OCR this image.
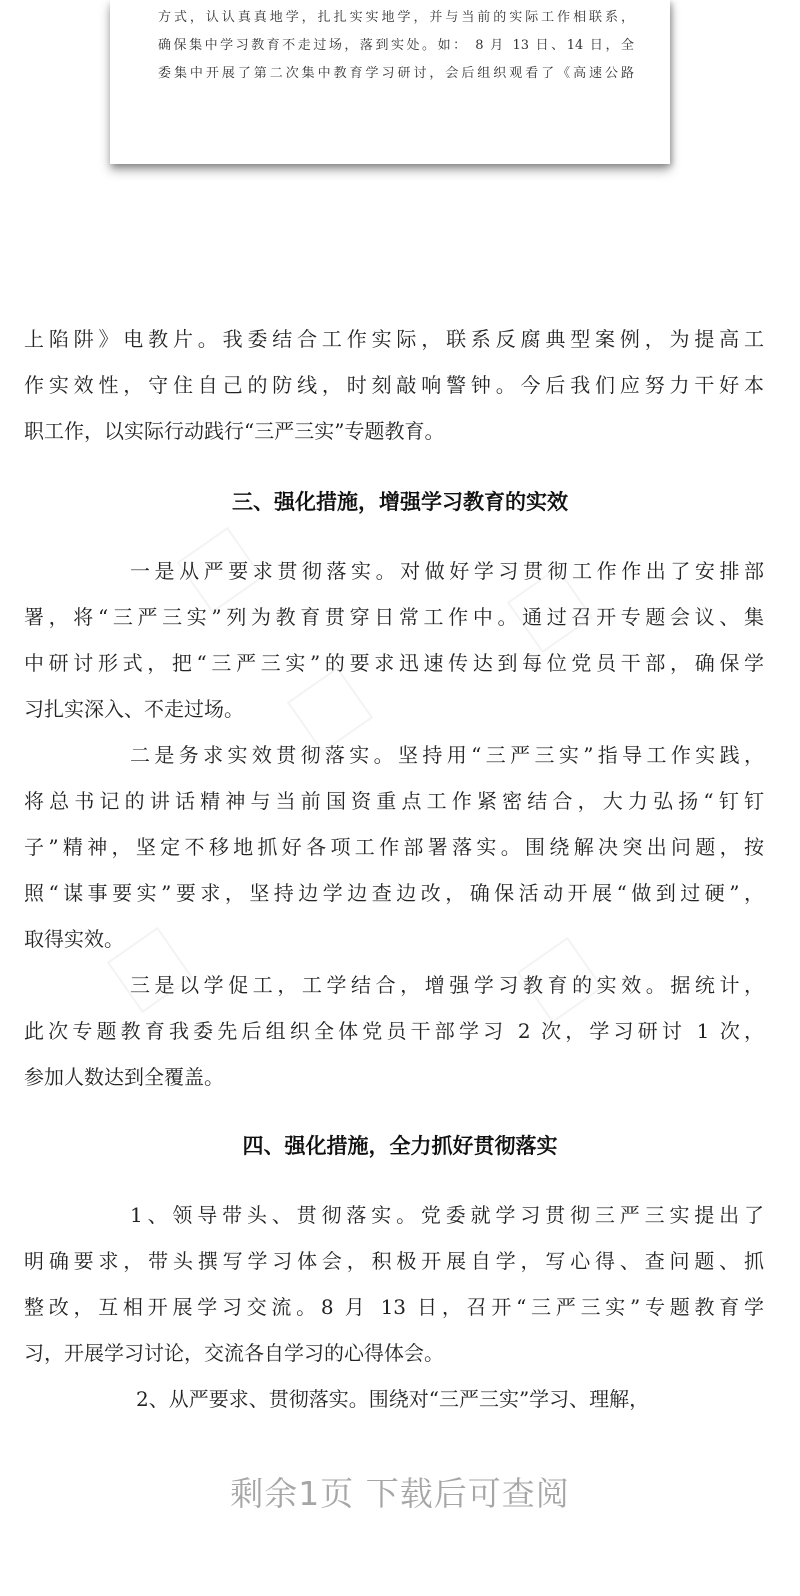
方式，认认真真地学，扎扎实实地学，并与当前的实际工作相联系，
确保集中学习教育不走过场，落到实处。如： 8 月 13 日、14 日，全
委集中开展了第二次集中教育学习研讨，会后组织观看了《高速公路
上陷阱》电教片。我委结合工作实际，联系反腐典型案例，为提高工
作实效性，守住自己的防线，时刻敲响警钟。今后我们应努力干好本
职工作，以实际行动践行“三严三实”专题教育。
三、强化措施，增强学习教育的实效
一是从严要求贯彻落实。对做好学习贯彻工作作出了安排部
署，将“三严三实”列为教育贯穿日常工作中。通过召开专题会议、集
中研讨形式，把“三严三实”的要求迅速传达到每位党员干部，确保学
习扎实深入、不走过场。
二是务求实效贯彻落实。坚持用“三严三实”指导工作实践，
将总书记的讲话精神与当前国资重点工作紧密结合，大力弘扬“钉钉
子”精神，坚定不移地抓好各项工作部署落实。围绕解决突出问题，按
照“谋事要实”要求，坚持边学边查边改，确保活动开展“做到过硬”，
取得实效。
三是以学促工，工学结合，增强学习教育的实效。据统计，
此次专题教育我委先后组织全体党员干部学习 2 次，学习研讨 1 次，
参加人数达到全覆盖。
四、强化措施，全力抓好贯彻落实
1、领导带头、贯彻落实。党委就学习贯彻三严三实提出了
明确要求，带头撰写学习体会，积极开展自学，写心得、查问题、抓
整改，互相开展学习交流。8 月 13 日，召开“三严三实”专题教育学
习，开展学习讨论，交流各自学习的心得体会。
2、从严要求、贯彻落实。围绕对“三严三实”学习、理解，
剩余1页 下载后可查阅
